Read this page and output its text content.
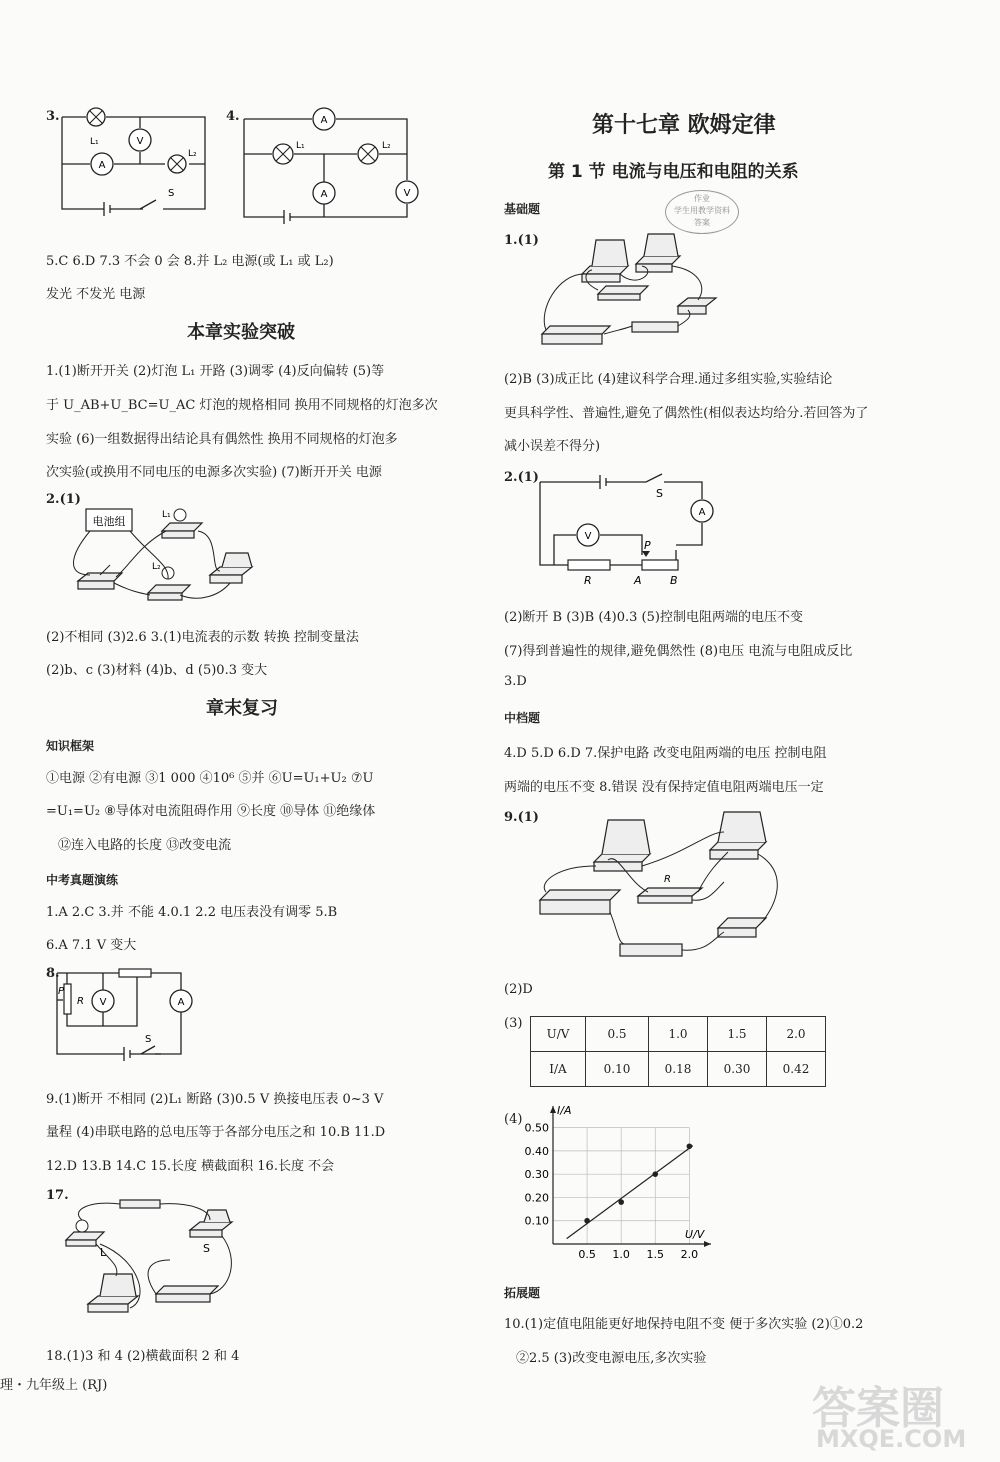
3.
A
V
L₁
L₂
S
4.	A
A	V
L₁	L₂
5.C 6.D 7.3 不会 0 会 8.并 L₂ 电源(或 L₁ 或 L₂)
发光 不发光 电源
本章实验突破
1.(1)断开开关 (2)灯泡 L₁ 开路 (3)调零 (4)反向偏转 (5)等
于 U_AB+U_BC=U_AC 灯泡的规格相同 换用不同规格的灯泡多次
实验 (6)一组数据得出结论具有偶然性 换用不同规格的灯泡多
次实验(或换用不同电压的电源多次实验) (7)断开开关 电源
2.(1)
电池组	L₁
L₂
(2)不相同 (3)2.6 3.(1)电流表的示数 转换 控制变量法
(2)b、c (3)材料 (4)b、d (5)0.3 变大
章末复习
知识框架
①电源 ②有电源 ③1 000 ④10⁶ ⑤并 ⑥U=U₁+U₂ ⑦U
=U₁=U₂ ⑧导体对电流阻碍作用 ⑨长度 ⑩导体 ⑪绝缘体
⑫连入电路的长度 ⑬改变电流
中考真题演练
1.A 2.C 3.并 不能 4.0.1 2.2 电压表没有调零 5.B
6.A 7.1 V 变大
8.
V	A
P
R
S
9.(1)断开 不相同 (2)L₁ 断路 (3)0.5 V 换接电压表 0~3 V
量程 (4)串联电路的总电压等于各部分电压之和 10.B 11.D
12.D 13.B 14.C 15.长度 横截面积 16.长度 不会
17.
L	S
18.(1)3 和 4 (2)横截面积 2 和 4
理・九年级上 (RJ)
第十七章 欧姆定律
第 1 节 电流与电压和电阻的关系
作业
学生用教学资料
答案
基础题
1.(1)
(2)B (3)成正比 (4)建议科学合理.通过多组实验,实验结论
更具科学性、普遍性,避免了偶然性(相似表达均给分.若回答为了
减小误差不得分)
2.(1)
V
A
S
R
P
A	B
(2)断开 B (3)B (4)0.3 (5)控制电阻两端的电压不变
(7)得到普遍性的规律,避免偶然性 (8)电压 电流与电阻成反比
3.D
中档题
4.D 5.D 6.D 7.保护电路 改变电阻两端的电压 控制电阻
两端的电压不变 8.错误 没有保持定值电阻两端电压一定
9.(1)
R
(2)D
(3)
U/V	0.5	1.0	1.5	2.0
I/A	0.10	0.18	0.30	0.42
(4)
0.5 1.0 1.5 2.0
0.10
0.20
0.30
0.40
0.50
I/A
U/V
拓展题
10.(1)定值电阻能更好地保持电阻不变 便于多次实验 (2)①0.2
②2.5 (3)改变电源电压,多次实验
答案圈
MXQE.COM
